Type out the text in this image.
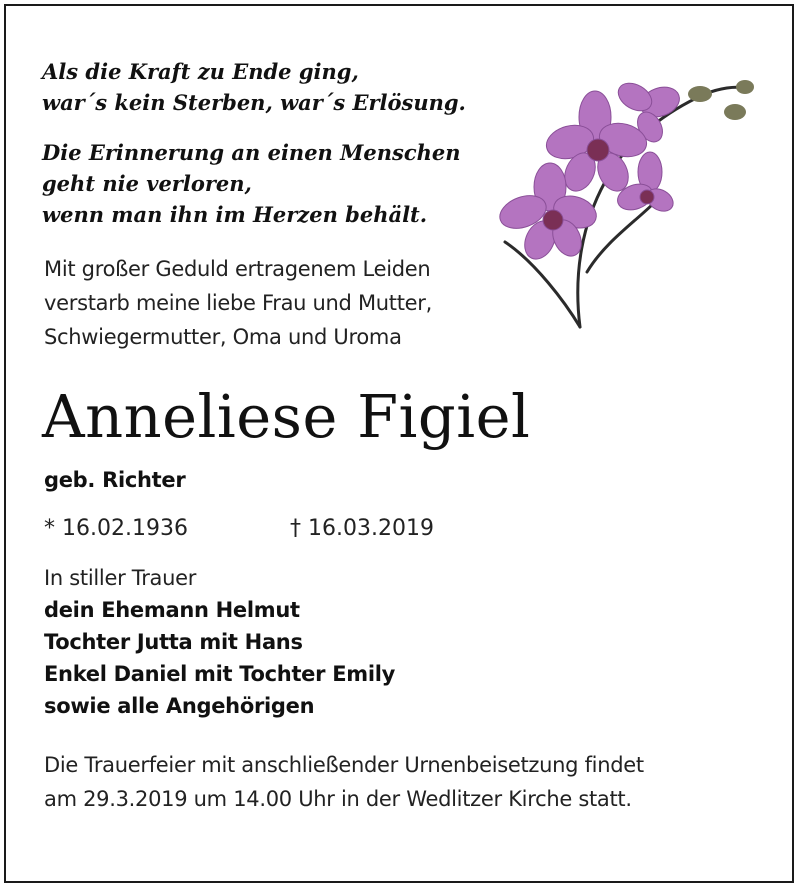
Als die Kraft zu Ende ging,
war´s kein Sterben, war´s Erlösung.
Die Erinnerung an einen Menschen
geht nie verloren,
wenn man ihn im Herzen behält.
Mit großer Geduld ertragenem Leiden
verstarb meine liebe Frau und Mutter,
Schwiegermutter, Oma und Uroma
Anneliese Figiel
geb. Richter
* 16.02.1936	† 16.03.2019
In stiller Trauer
dein Ehemann Helmut
Tochter Jutta mit Hans
Enkel Daniel mit Tochter Emily
sowie alle Angehörigen
Die Trauerfeier mit anschließender Urnenbeisetzung findet
am 29.3.2019 um 14.00 Uhr in der Wedlitzer Kirche statt.
